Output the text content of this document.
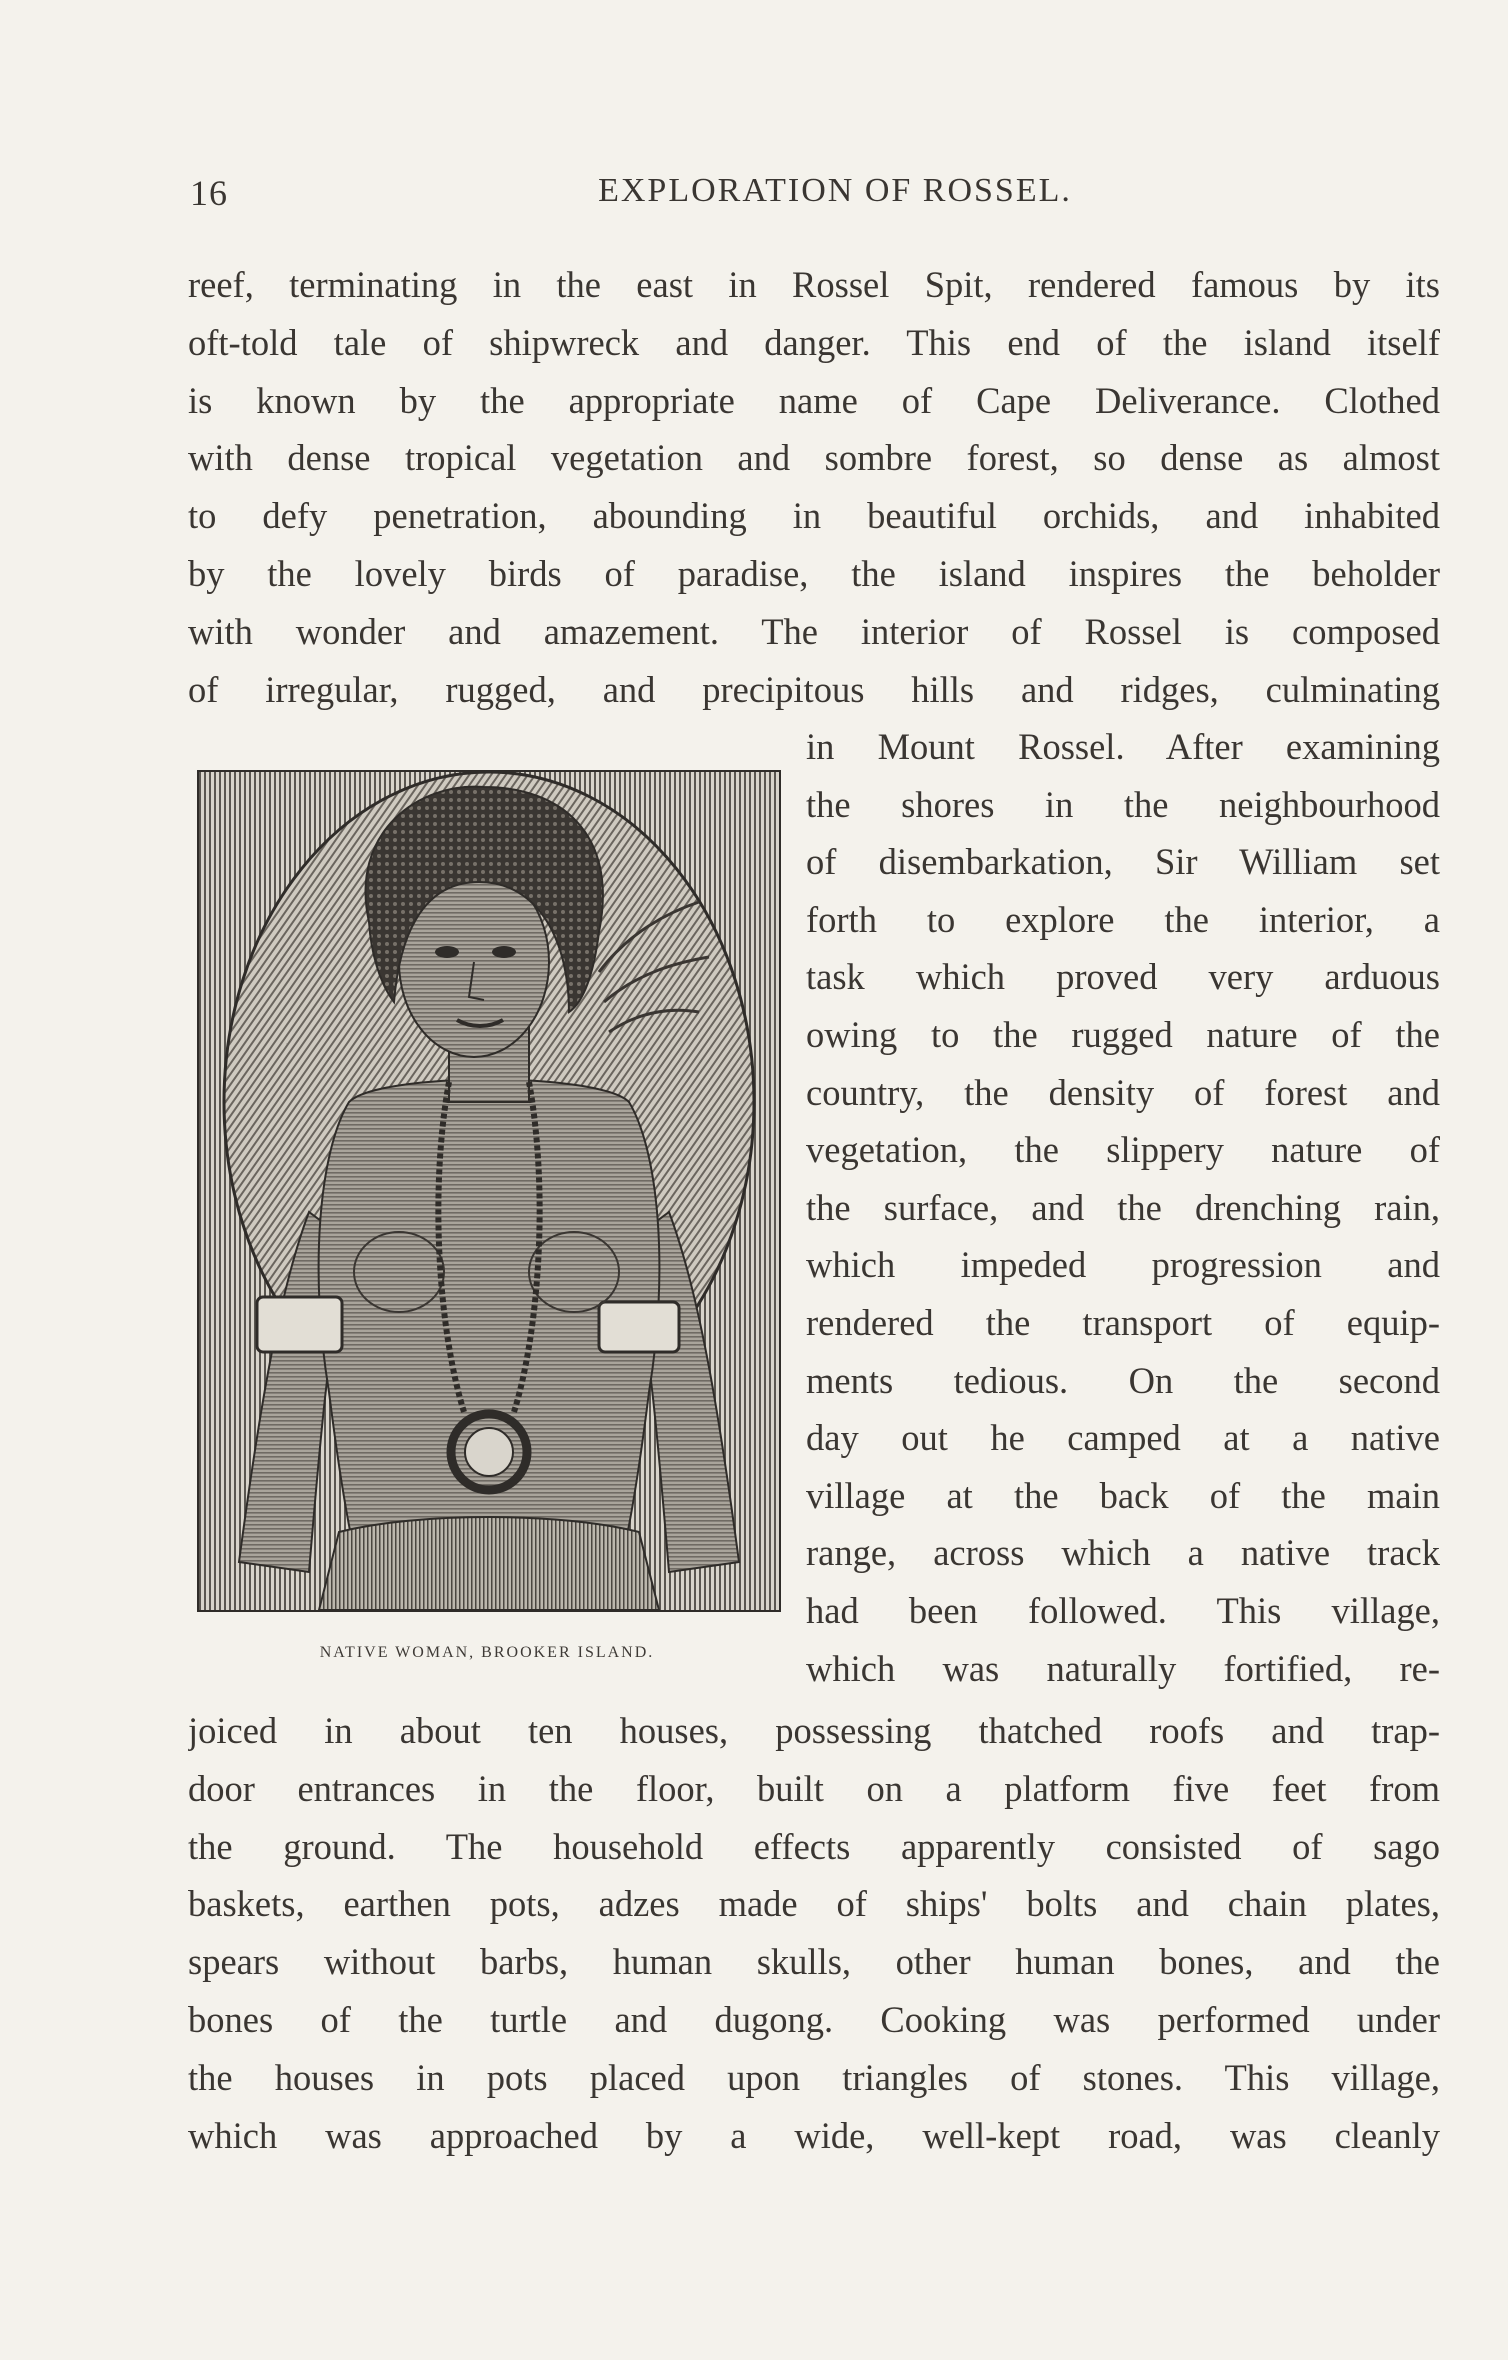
16	EXPLORATION OF ROSSEL.
reef, terminating in the east in Rossel Spit, rendered famous by its
oft-told tale of shipwreck and danger. This end of the island itself
is known by the appropriate name of Cape Deliverance. Clothed
with dense tropical vegetation and sombre forest, so dense as almost
to defy penetration, abounding in beautiful orchids, and inhabited
by the lovely birds of paradise, the island inspires the beholder
with wonder and amazement. The interior of Rossel is composed
of irregular, rugged, and precipitous hills and ridges, culminating
NATIVE WOMAN, BROOKER ISLAND.
in Mount Rossel. After examining
the shores in the neighbourhood
of disembarkation, Sir William set
forth to explore the interior, a
task which proved very arduous
owing to the rugged nature of the
country, the density of forest and
vegetation, the slippery nature of
the surface, and the drenching rain,
which impeded progression and
rendered the transport of equip-
ments tedious. On the second
day out he camped at a native
village at the back of the main
range, across which a native track
had been followed. This village,
which was naturally fortified, re-
joiced in about ten houses, possessing thatched roofs and trap-
door entrances in the floor, built on a platform five feet from
the ground. The household effects apparently consisted of sago
baskets, earthen pots, adzes made of ships' bolts and chain plates,
spears without barbs, human skulls, other human bones, and the
bones of the turtle and dugong. Cooking was performed under
the houses in pots placed upon triangles of stones. This village,
which was approached by a wide, well-kept road, was cleanly
